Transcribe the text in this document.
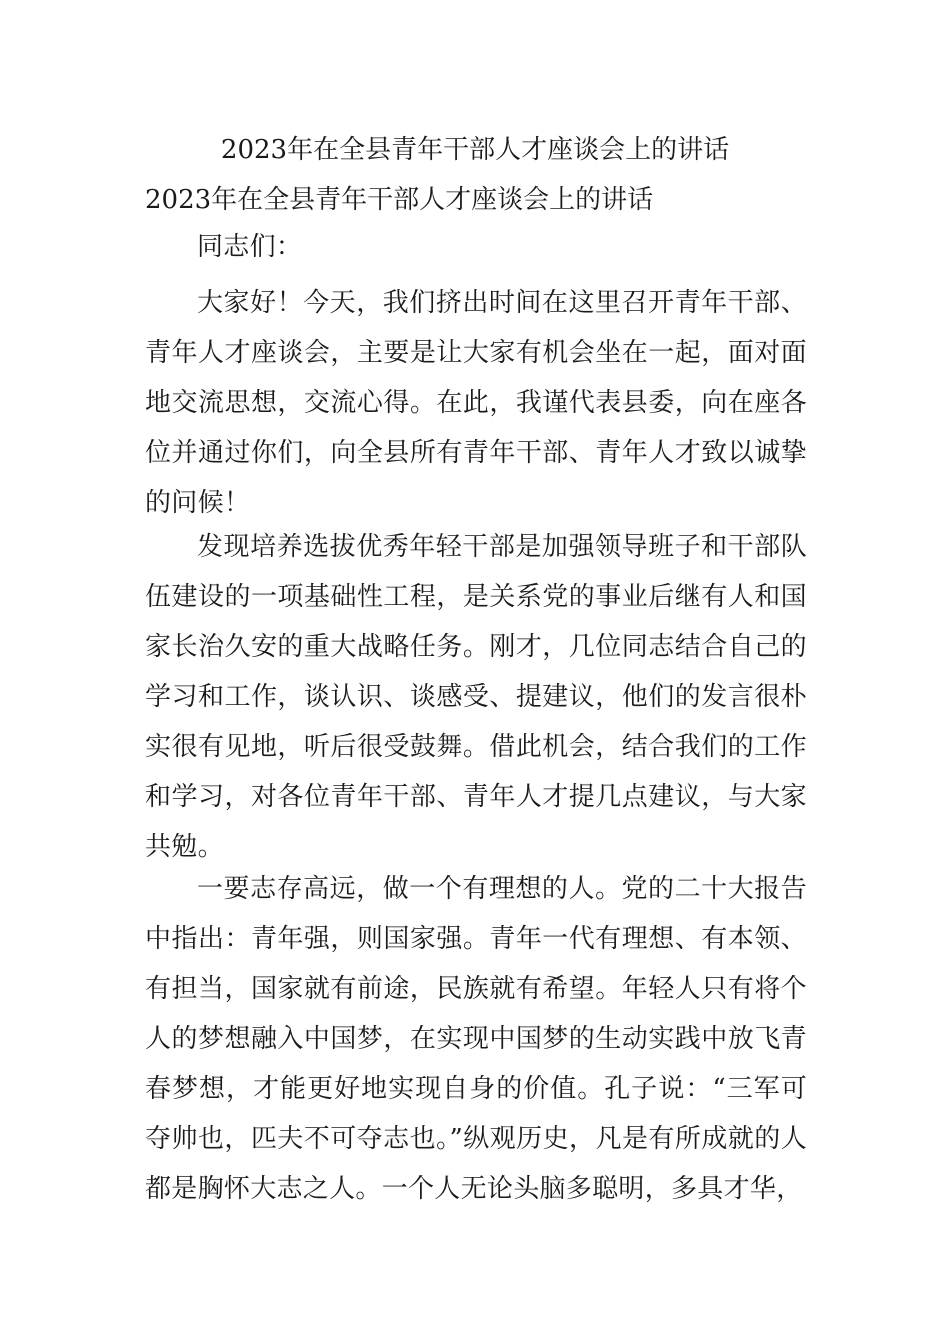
2023年在全县青年干部人才座谈会上的讲话
2023年在全县青年干部人才座谈会上的讲话

同志们：

大家好！今天，我们挤出时间在这里召开青年干部、青年人才座谈会，主要是让大家有机会坐在一起，面对面地交流思想，交流心得。在此，我谨代表县委，向在座各位并通过你们，向全县所有青年干部、青年人才致以诚挚的问候！

发现培养选拔优秀年轻干部是加强领导班子和干部队伍建设的一项基础性工程，是关系党的事业后继有人和国家长治久安的重大战略任务。刚才，几位同志结合自己的学习和工作，谈认识、谈感受、提建议，他们的发言很朴实很有见地，听后很受鼓舞。借此机会，结合我们的工作和学习，对各位青年干部、青年人才提几点建议，与大家共勉。

一要志存高远，做一个有理想的人。党的二十大报告中指出：青年强，则国家强。青年一代有理想、有本领、有担当，国家就有前途，民族就有希望。年轻人只有将个人的梦想融入中国梦，在实现中国梦的生动实践中放飞青春梦想，才能更好地实现自身的价值。孔子说：“三军可夺帅也，匹夫不可夺志也。”纵观历史，凡是有所成就的人都是胸怀大志之人。一个人无论头脑多聪明，多具才华，
